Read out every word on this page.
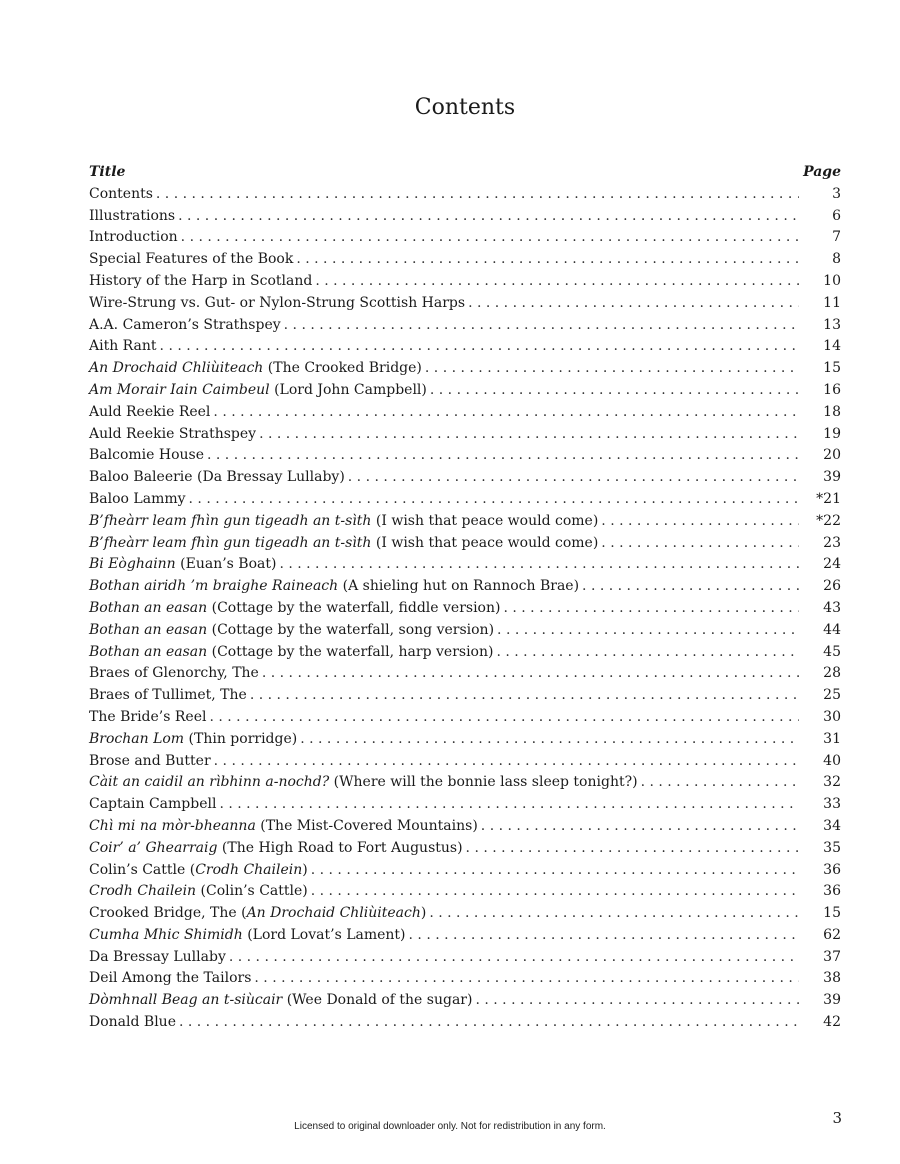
Contents
Title	Page
Contents . . .	3
Illustrations . . .	6
Introduction . . .	7
Special Features of the Book . . .	8
History of the Harp in Scotland . . .	10
Wire-Strung vs. Gut- or Nylon-Strung Scottish Harps . . .	11
A.A. Cameron’s Strathspey . . .	13
Aith Rant . . .	14
An Drochaid Chliùiteach (The Crooked Bridge) . . .	15
Am Morair Iain Caimbeul (Lord John Campbell) . . .	16
Auld Reekie Reel . . .	18
Auld Reekie Strathspey . . .	19
Balcomie House . . .	20
Baloo Baleerie (Da Bressay Lullaby) . . .	39
Baloo Lammy . . .	*21
B’fheàrr leam fhìn gun tigeadh an t-sìth (I wish that peace would come) . . .	*22
B’fheàrr leam fhìn gun tigeadh an t-sìth (I wish that peace would come) . . .	23
Bi Eòghainn (Euan’s Boat) . . .	24
Bothan airidh ’m braighe Raineach (A shieling hut on Rannoch Brae) . . .	26
Bothan an easan (Cottage by the waterfall, fiddle version) . . .	43
Bothan an easan (Cottage by the waterfall, song version) . . .	44
Bothan an easan (Cottage by the waterfall, harp version) . . .	45
Braes of Glenorchy, The . . .	28
Braes of Tullimet, The . . .	25
The Bride’s Reel . . .	30
Brochan Lom (Thin porridge) . . .	31
Brose and Butter . . .	40
Càit an caidil an rìbhinn a-nochd? (Where will the bonnie lass sleep tonight?) . . .	32
Captain Campbell . . .	33
Chì mi na mòr-bheanna (The Mist-Covered Mountains) . . .	34
Coir’ a’ Ghearraig (The High Road to Fort Augustus) . . .	35
Colin’s Cattle (Crodh Chailein) . . .	36
Crodh Chailein (Colin’s Cattle) . . .	36
Crooked Bridge, The (An Drochaid Chliùiteach) . . .	15
Cumha Mhic Shimidh (Lord Lovat’s Lament) . . .	62
Da Bressay Lullaby . . .	37
Deil Among the Tailors . . .	38
Dòmhnall Beag an t-siùcair (Wee Donald of the sugar) . . .	39
Donald Blue . . .	42
Licensed to original downloader only. Not for redistribution in any form.	3
